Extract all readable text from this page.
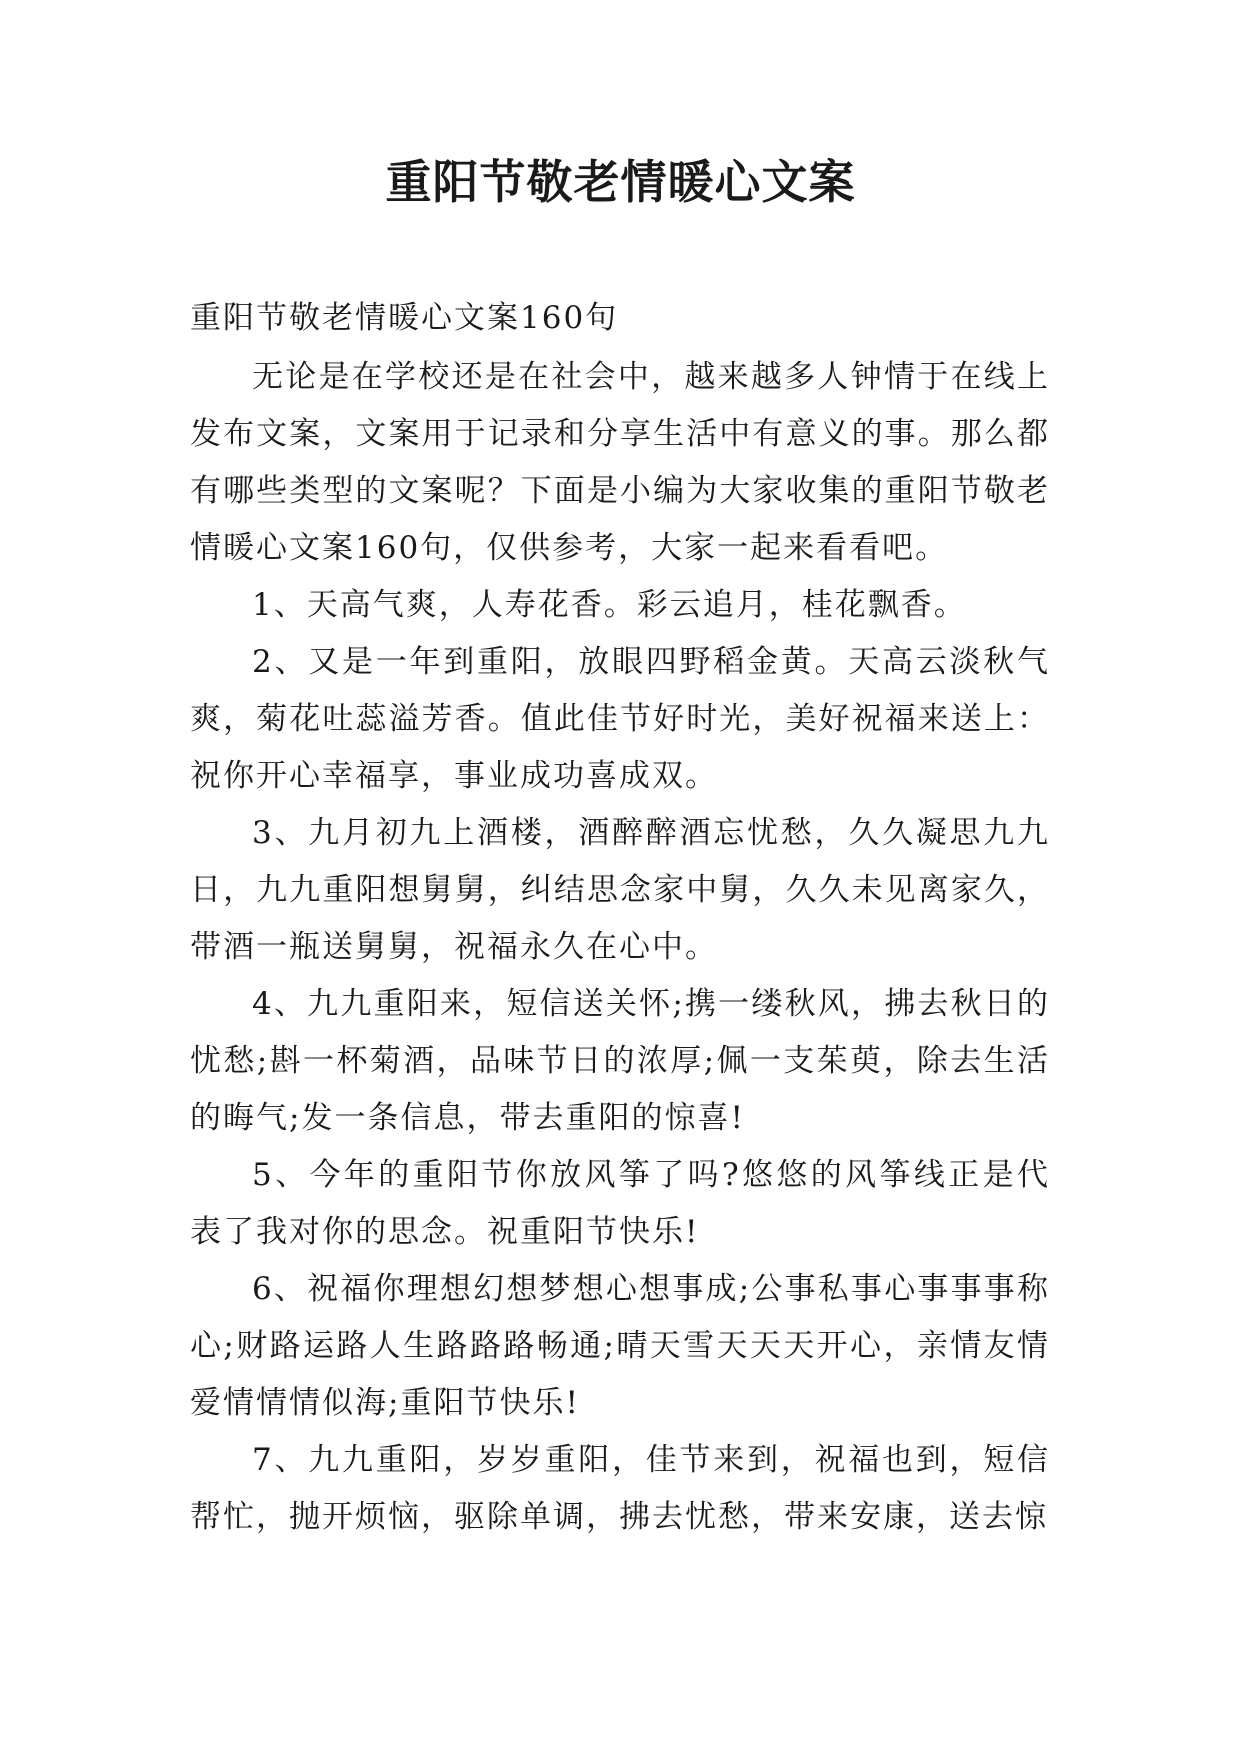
重阳节敬老情暖心文案

重阳节敬老情暖心文案160句

无论是在学校还是在社会中，越来越多人钟情于在线上发布文案，文案用于记录和分享生活中有意义的事。那么都有哪些类型的文案呢？下面是小编为大家收集的重阳节敬老情暖心文案160句，仅供参考，大家一起来看看吧。

1、天高气爽，人寿花香。彩云追月，桂花飘香。

2、又是一年到重阳，放眼四野稻金黄。天高云淡秋气爽，菊花吐蕊溢芳香。值此佳节好时光，美好祝福来送上：祝你开心幸福享，事业成功喜成双。

3、九月初九上酒楼，酒醉醉酒忘忧愁，久久凝思九九日，九九重阳想舅舅，纠结思念家中舅，久久未见离家久，带酒一瓶送舅舅，祝福永久在心中。

4、九九重阳来，短信送关怀;携一缕秋风，拂去秋日的忧愁;斟一杯菊酒，品味节日的浓厚;佩一支茱萸，除去生活的晦气;发一条信息，带去重阳的惊喜!

5、今年的重阳节你放风筝了吗?悠悠的风筝线正是代表了我对你的思念。祝重阳节快乐!

6、祝福你理想幻想梦想心想事成;公事私事心事事事称心;财路运路人生路路路畅通;晴天雪天天天开心，亲情友情爱情情情似海;重阳节快乐!

7、九九重阳，岁岁重阳，佳节来到，祝福也到，短信帮忙，抛开烦恼，驱除单调，拂去忧愁，带来安康，送去惊
